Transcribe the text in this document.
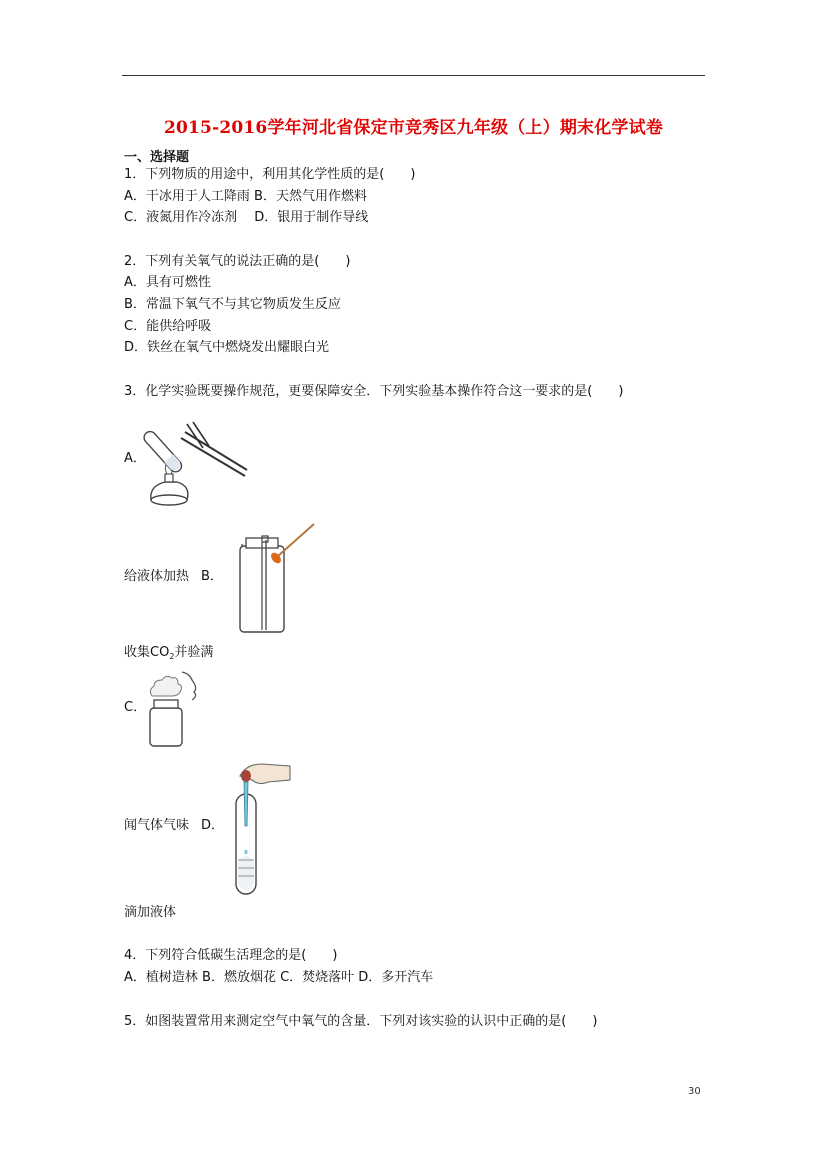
2015-2016学年河北省保定市竞秀区九年级（上）期末化学试卷
一、选择题
1．下列物质的用途中，利用其化学性质的是(　　)
A．干冰用于人工降雨 B．天然气用作燃料
C．液氮用作冷冻剂　 D．银用于制作导线
2．下列有关氧气的说法正确的是(　　)
A．具有可燃性
B．常温下氧气不与其它物质发生反应
C．能供给呼吸
D．铁丝在氧气中燃烧发出耀眼白光
3．化学实验既要操作规范，更要保障安全．下列实验基本操作符合这一要求的是(　　)
A．
给液体加热 B．
收集$CO_2$并验满
C．
闻气体气味 D．
滴加液体
4．下列符合低碳生活理念的是(　　)
A．植树造林 B．燃放烟花 C．焚烧落叶 D．多开汽车
5．如图装置常用来测定空气中氧气的含量．下列对该实验的认识中正确的是(　　)
30
